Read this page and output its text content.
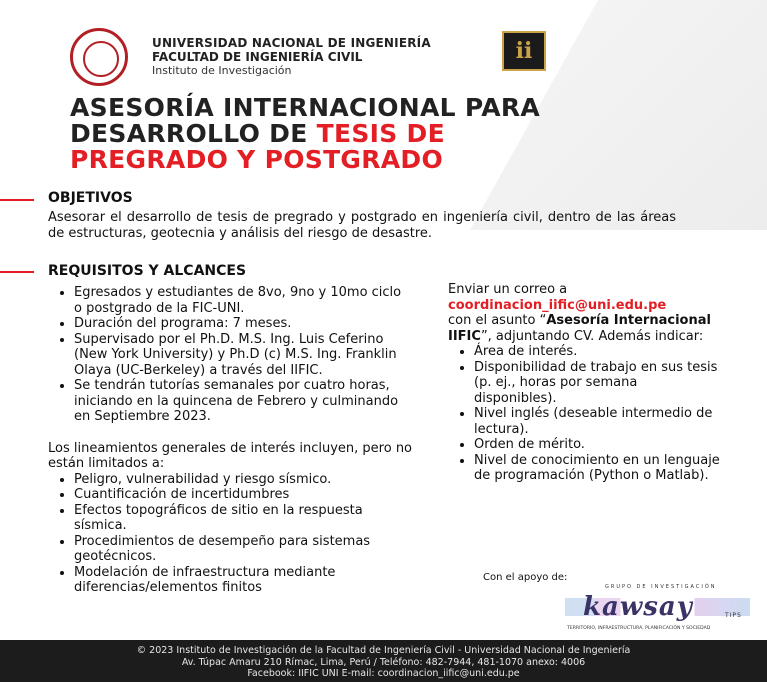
UNIVERSIDAD NACIONAL DE INGENIERÍA
FACULTAD DE INGENIERÍA CIVIL
Instituto de Investigación
ii
ASESORÍA INTERNACIONAL PARA
DESARROLLO DE TESIS DE
PREGRADO Y POSTGRADO
OBJETIVOS
Asesorar el desarrollo de tesis de pregrado y postgrado en ingeniería civil, dentro de las áreas de estructuras, geotecnia y análisis del riesgo de desastre.
REQUISITOS Y ALCANCES
• Egresados y estudiantes de 8vo, 9no y 10mo ciclo o postgrado de la FIC-UNI.
• Duración del programa: 7 meses.
• Supervisado por el Ph.D. M.S. Ing. Luis Ceferino (New York University) y Ph.D (c) M.S. Ing. Franklin Olaya (UC-Berkeley) a través del IIFIC.
• Se tendrán tutorías semanales por cuatro horas, iniciando en la quincena de Febrero y culminando en Septiembre 2023.

Los lineamientos generales de interés incluyen, pero no están limitados a:

• Peligro, vulnerabilidad y riesgo sísmico.
• Cuantificación de incertidumbres
• Efectos topográficos de sitio en la respuesta sísmica.
• Procedimientos de desempeño para sistemas geotécnicos.
• Modelación de infraestructura mediante diferencias/elementos finitos

Enviar un correo a

coordinacion_iific@uni.edu.pe

con el asunto “Asesoría Internacional IIFIC”, adjuntando CV. Además indicar:

• Área de interés.
• Disponibilidad de trabajo en sus tesis (p. ej., horas por semana disponibles).
• Nivel inglés (deseable intermedio de lectura).
• Orden de mérito.
• Nivel de conocimiento en un lenguaje de programación (Python o Matlab).
Con el apoyo de:
GRUPO DE INVESTIGACIÓN
kawsay	TIPS
TERRITORIO, INFRAESTRUCTURA, PLANIFICACIÓN Y SOCIEDAD
© 2023 Instituto de Investigación de la Facultad de Ingeniería Civil - Universidad Nacional de Ingeniería
Av. Túpac Amaru 210 Rímac, Lima, Perú / Teléfono: 482-7944, 481-1070 anexo: 4006
Facebook: IIFIC UNI E-mail: coordinacion_iific@uni.edu.pe
